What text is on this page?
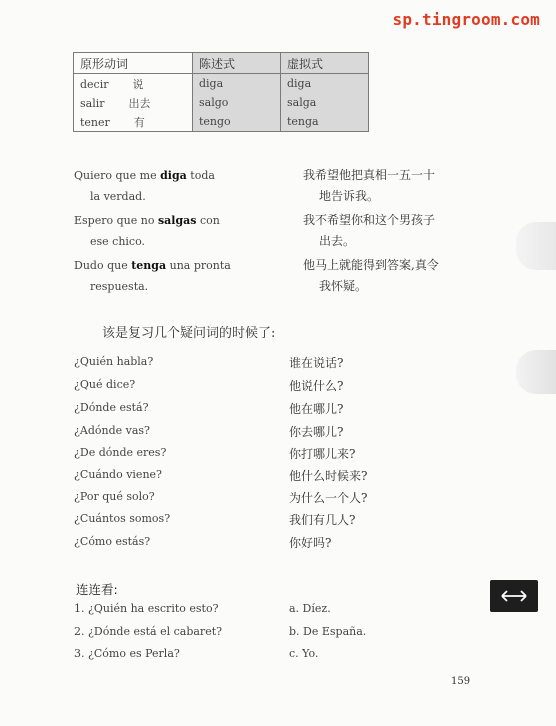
sp.tingroom.com
原形动词	陈述式	虚拟式
decir 说	diga	diga
salir 出去	salgo	salga
tener 有	tengo	tenga
Quiero que me diga toda
la verdad.
我希望他把真相一五一十
地告诉我。
Espero que no salgas con
ese chico.
我不希望你和这个男孩子
出去。
Dudo que tenga una pronta
respuesta.
他马上就能得到答案,真令
我怀疑。
该是复习几个疑问词的时候了:
¿Quién habla?	谁在说话?
¿Qué dice?	他说什么?
¿Dónde está?	他在哪儿?
¿Adónde vas?	你去哪儿?
¿De dónde eres?	你打哪儿来?
¿Cuándo viene?	他什么时候来?
¿Por qué solo?	为什么一个人?
¿Cuántos somos?	我们有几人?
¿Cómo estás?	你好吗?
连连看:
1. ¿Quién ha escrito esto?	a. Díez.
2. ¿Dónde está el cabaret?	b. De España.
3. ¿Cómo es Perla?	c. Yo.
159
